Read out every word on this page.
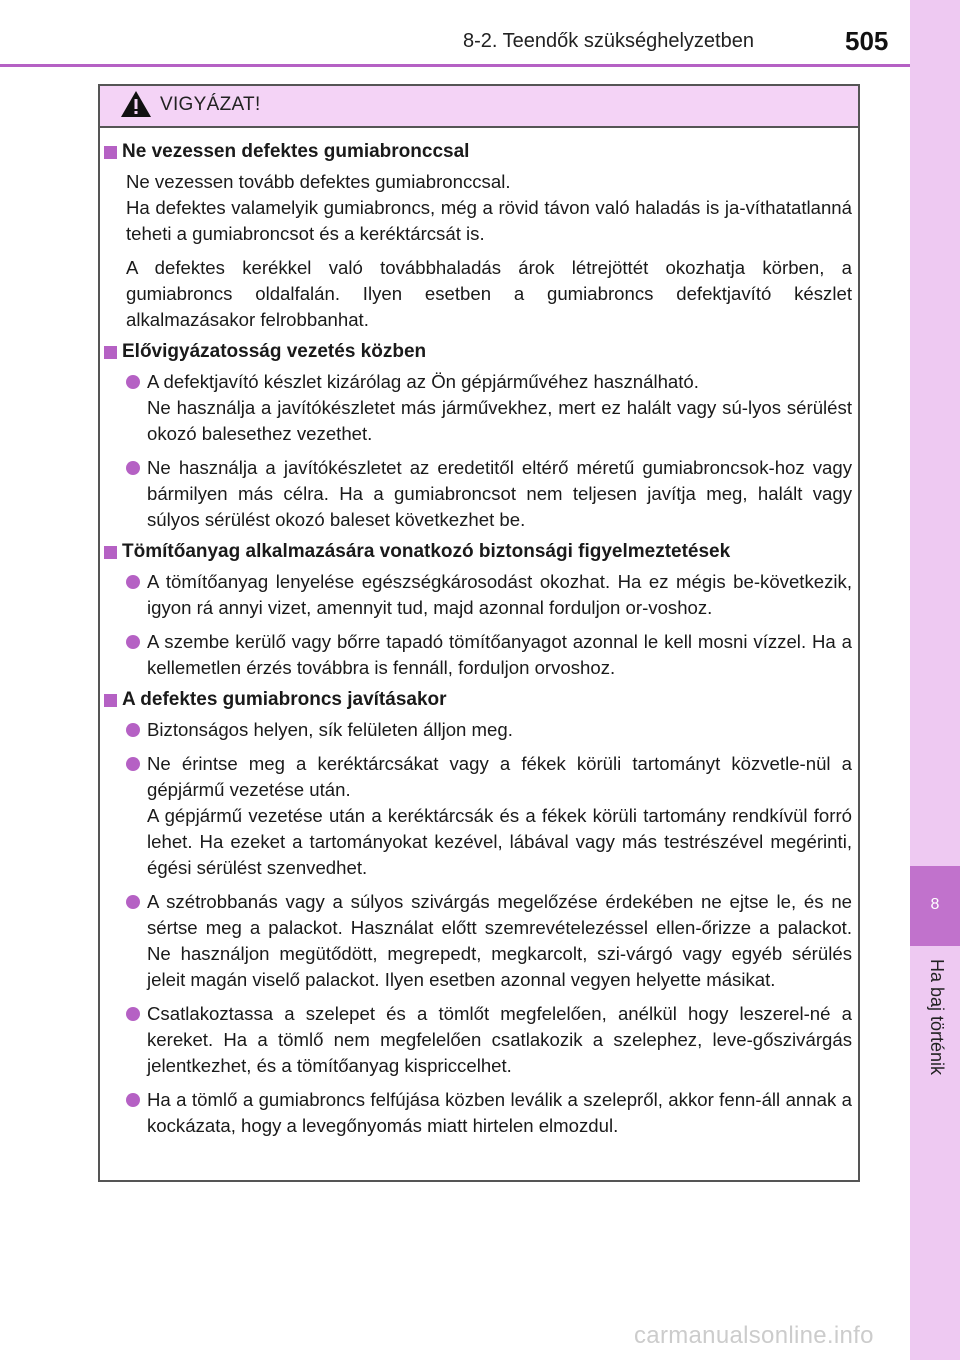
8-2. Teendők szükséghelyzetben	505
8
Ha baj történik
VIGYÁZAT!
Ne vezessen defektes gumiabronccsal

Ne vezessen tovább defektes gumiabronccsal.

Ha defektes valamelyik gumiabroncs, még a rövid távon való haladás is ja-víthatatlanná teheti a gumiabroncsot és a keréktárcsát is.

A defektes kerékkel való továbbhaladás árok létrejöttét okozhatja körben, a gumiabroncs oldalfalán. Ilyen esetben a gumiabroncs defektjavító készlet alkalmazásakor felrobbanhat.

Elővigyázatosság vezetés közben

A defektjavító készlet kizárólag az Ön gépjárművéhez használható.

Ne használja a javítókészletet más járművekhez, mert ez halált vagy sú-lyos sérülést okozó balesethez vezethet.

Ne használja a javítókészletet az eredetitől eltérő méretű gumiabroncsok-hoz vagy bármilyen más célra. Ha a gumiabroncsot nem teljesen javítja meg, halált vagy súlyos sérülést okozó baleset következhet be.

Tömítőanyag alkalmazására vonatkozó biztonsági figyelmeztetések

A tömítőanyag lenyelése egészségkárosodást okozhat. Ha ez mégis be-következik, igyon rá annyi vizet, amennyit tud, majd azonnal forduljon or-voshoz.

A szembe kerülő vagy bőrre tapadó tömítőanyagot azonnal le kell mosni vízzel. Ha a kellemetlen érzés továbbra is fennáll, forduljon orvoshoz.

A defektes gumiabroncs javításakor

Biztonságos helyen, sík felületen álljon meg.

Ne érintse meg a keréktárcsákat vagy a fékek körüli tartományt közvetle-nül a gépjármű vezetése után.

A gépjármű vezetése után a keréktárcsák és a fékek körüli tartomány rendkívül forró lehet. Ha ezeket a tartományokat kezével, lábával vagy más testrészével megérinti, égési sérülést szenvedhet.

A szétrobbanás vagy a súlyos szivárgás megelőzése érdekében ne ejtse le, és ne sértse meg a palackot. Használat előtt szemrevételezéssel ellen-őrizze a palackot. Ne használjon megütődött, megrepedt, megkarcolt, szi-várgó vagy egyéb sérülés jeleit magán viselő palackot. Ilyen esetben azonnal vegyen helyette másikat.

Csatlakoztassa a szelepet és a tömlőt megfelelően, anélkül hogy leszerel-né a kereket. Ha a tömlő nem megfelelően csatlakozik a szelephez, leve-gőszivárgás jelentkezhet, és a tömítőanyag kispriccelhet.

Ha a tömlő a gumiabroncs felfújása közben leválik a szelepről, akkor fenn-áll annak a kockázata, hogy a levegőnyomás miatt hirtelen elmozdul.

carmanualsonline.info
